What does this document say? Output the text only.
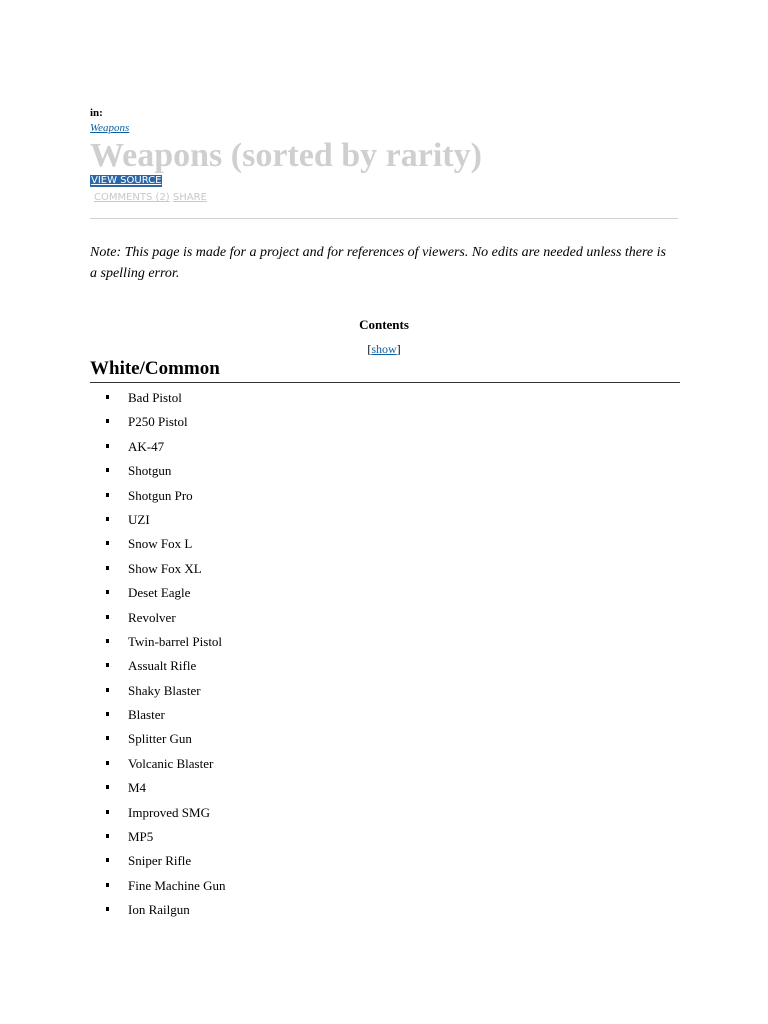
in:
Weapons
Weapons (sorted by rarity)
VIEW SOURCE
COMMENTS (2) SHARE

Note: This page is made for a project and for references of viewers. No edits are needed unless there is a spelling error.

Contents
[show]
White/Common
Bad Pistol
P250 Pistol
AK-47
Shotgun
Shotgun Pro
UZI
Snow Fox L
Show Fox XL
Deset Eagle
Revolver
Twin-barrel Pistol
Assualt Rifle
Shaky Blaster
Blaster
Splitter Gun
Volcanic Blaster
M4
Improved SMG
MP5
Sniper Rifle
Fine Machine Gun
Ion Railgun
